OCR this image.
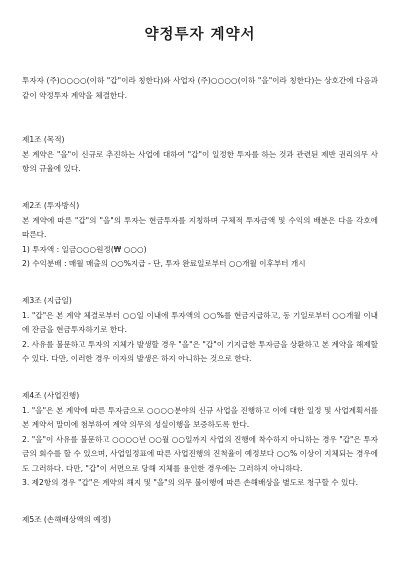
약정투자 계약서

투자자 (주)○○○○(이하 "갑"이라 칭한다)와 사업자 (주)○○○○(이하 "을"이라 칭한다)는 상호간에 다음과 같이 약정투자 계약을 체결한다.

제1조 (목적)

본 계약은 "을"이 신규로 추진하는 사업에 대하여 "갑"이 일정한 투자를 하는 것과 관련된 제반 권리의무 사항의 규율에 있다.

제2조 (투자방식)

본 계약에 따른 "갑"의 "을"의 투자는 현금투자를 지칭하며 구체적 투자금액 및 수익의 배분은 다음 각호에 따른다.

1) 투자액 : 일금○○○원정(₩ ○○○)

2) 수익분배 : 매월 매출의 ○○%지급 - 단, 투자 완료일로부터 ○○개월 이후부터 개시

제3조 (지급일)

1. "갑"은 본 계약 체결로부터 ○○일 이내에 투자액의 ○○%를 현금지급하고, 동 기일로부터 ○○개월 이내에 잔금을 현금투자하기로 한다.

2. 사유를 불문하고 투자의 지체가 발생할 경우 "을"은 "갑"이 기지급한 투자금을 상환하고 본 계약을 해제할 수 있다. 다만, 이러한 경우 이자의 발생은 하지 아니하는 것으로 한다.

제4조 (사업진행)

1. "을"은 본 계약에 따른 투자금으로 ○○○○분야의 신규 사업을 진행하고 이에 대한 일정 및 사업계획서를 본 계약서 말미에 첨부하여 계약 의무의 성실이행을 보증하도록 한다.

2. "을"이 사유를 불문하고 ○○○○년 ○○월 ○○일까지 사업의 진행에 착수하지 아니하는 경우 "갑"은 투자금의 회수를 할 수 있으며, 사업일정표에 따른 사업진행의 진척율이 예정보다 ○○% 이상이 지체되는 경우에도 그러하다. 다만, "갑"이 서면으로 당해 지체를 용인한 경우에는 그러하지 아니하다.

3. 제2항의 경우 "갑"은 계약의 해지 및 "을"의 의무 불이행에 따른 손해배상을 별도로 청구할 수 있다.

제5조 (손해배상액의 예정)
